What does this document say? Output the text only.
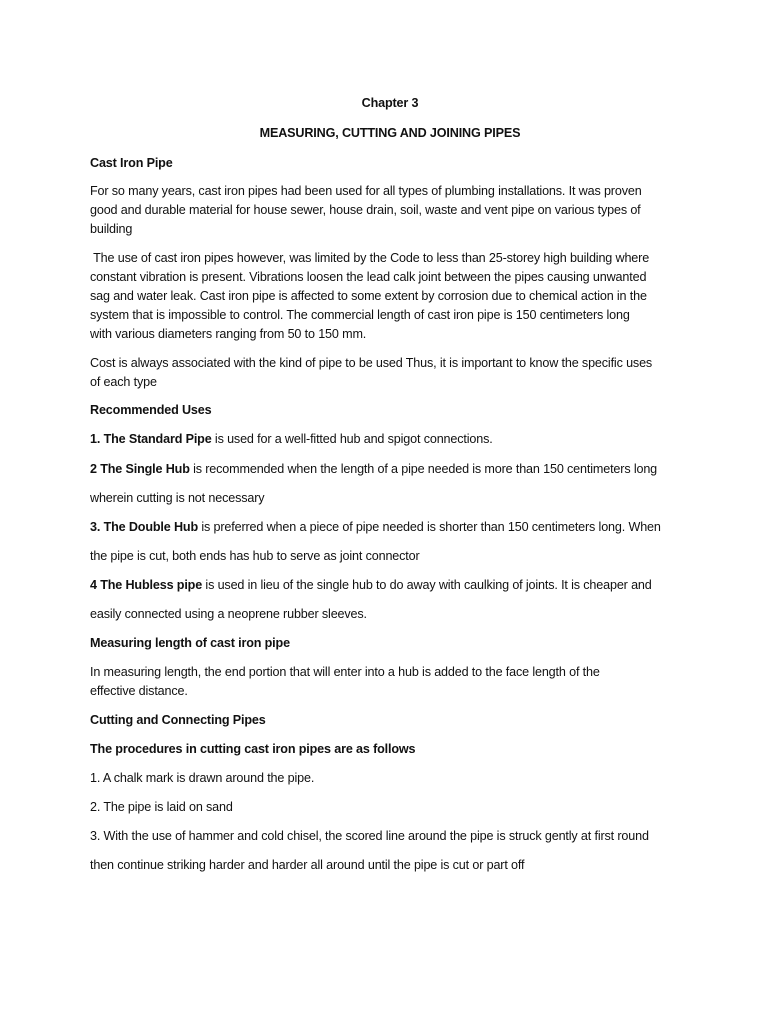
Chapter 3

MEASURING, CUTTING AND JOINING PIPES

Cast Iron Pipe

For so many years, cast iron pipes had been used for all types of plumbing installations. It was proven

good and durable material for house sewer, house drain, soil, waste and vent pipe on various types of

building

The use of cast iron pipes however, was limited by the Code to less than 25-storey high building where

constant vibration is present. Vibrations loosen the lead calk joint between the pipes causing unwanted

sag and water leak. Cast iron pipe is affected to some extent by corrosion due to chemical action in the

system that is impossible to control. The commercial length of cast iron pipe is 150 centimeters long

with various diameters ranging from 50 to 150 mm.

Cost is always associated with the kind of pipe to be used Thus, it is important to know the specific uses

of each type

Recommended Uses

1. The Standard Pipe is used for a well-fitted hub and spigot connections.

2 The Single Hub is recommended when the length of a pipe needed is more than 150 centimeters long

wherein cutting is not necessary

3. The Double Hub is preferred when a piece of pipe needed is shorter than 150 centimeters long. When

the pipe is cut, both ends has hub to serve as joint connector

4 The Hubless pipe is used in lieu of the single hub to do away with caulking of joints. It is cheaper and

easily connected using a neoprene rubber sleeves.

Measuring length of cast iron pipe

In measuring length, the end portion that will enter into a hub is added to the face length of the

effective distance.

Cutting and Connecting Pipes

The procedures in cutting cast iron pipes are as follows

1. A chalk mark is drawn around the pipe.

2. The pipe is laid on sand

3. With the use of hammer and cold chisel, the scored line around the pipe is struck gently at first round

then continue striking harder and harder all around until the pipe is cut or part off
